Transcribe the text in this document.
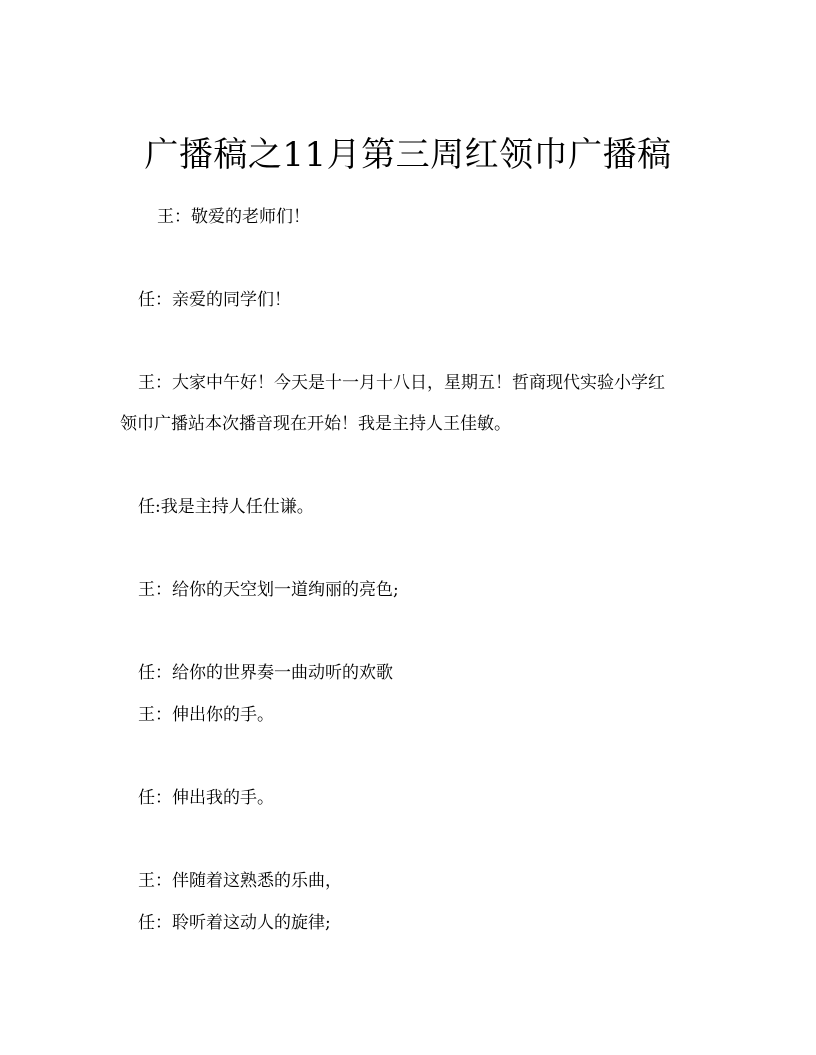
广播稿之11月第三周红领巾广播稿
王：敬爱的老师们！
任：亲爱的同学们！
王：大家中午好！今天是十一月十八日，星期五！哲商现代实验小学红
领巾广播站本次播音现在开始！我是主持人王佳敏。
任:我是主持人任仕谦。
王：给你的天空划一道绚丽的亮色;
任：给你的世界奏一曲动听的欢歌
王：伸出你的手。
任：伸出我的手。
王：伴随着这熟悉的乐曲，
任：聆听着这动人的旋律;
